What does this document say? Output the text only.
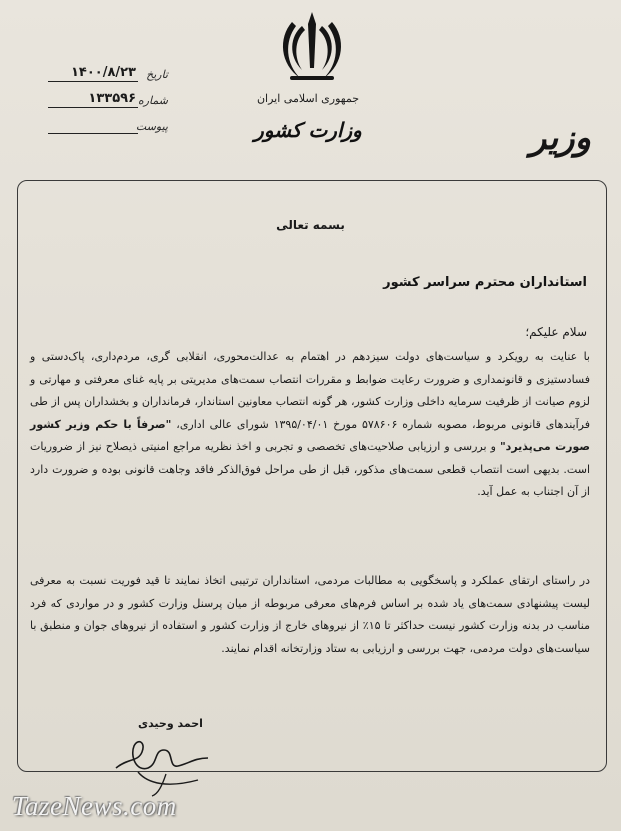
جمهوری اسلامی ایران
وزارت کشور	وزیر
۱۴۰۰/۸/۲۳ تاریخ
۱۳۳۵۹۶ شماره
پیوست
بسمه تعالی
استانداران محترم سراسر کشور
سلام علیکم؛
با عنایت به رویکرد و سیاست‌های دولت سیزدهم در اهتمام به عدالت‌محوری، انقلابی گری، مردم‌داری، پاک‌دستی و فسادستیزی و قانونمداری و ضرورت رعایت ضوابط و مقررات انتصاب سمت‌های مدیریتی بر پایه غنای معرفتی و مهارتی و لزوم صیانت از ظرفیت سرمایه داخلی وزارت کشور، هر گونه انتصاب معاونین استاندار، فرمانداران و بخشداران پس از طی فرآیندهای قانونی مربوط، مصوبه شماره ۵۷۸۶۰۶ مورخ ۱۳۹۵/۰۴/۰۱ شورای عالی اداری، "صرفاً با حکم وزیر کشور صورت می‌پذیرد" و بررسی و ارزیابی صلاحیت‌های تخصصی و تجربی و اخذ نظریه مراجع امنیتی ذیصلاح نیز از ضروریات است. بدیهی است انتصاب قطعی سمت‌های مذکور، قبل از طی مراحل فوق‌الذکر فاقد وجاهت قانونی بوده و ضرورت دارد از آن اجتناب به عمل آید.
در راستای ارتقای عملکرد و پاسخگویی به مطالبات مردمی، استانداران ترتیبی اتخاذ نمایند تا قید فوریت نسبت به معرفی لیست پیشنهادی سمت‌های یاد شده بر اساس فرم‌های معرفی مربوطه از میان پرسنل وزارت کشور و در مواردی که فرد مناسب در بدنه وزارت کشور نیست حداکثر تا ۱۵٪ از نیروهای خارج از وزارت کشور و استفاده از نیروهای جوان و منطبق با سیاست‌های دولت مردمی، جهت بررسی و ارزیابی به ستاد وزارتخانه اقدام نمایند.
احمد وحیدی
TazeNews.com
